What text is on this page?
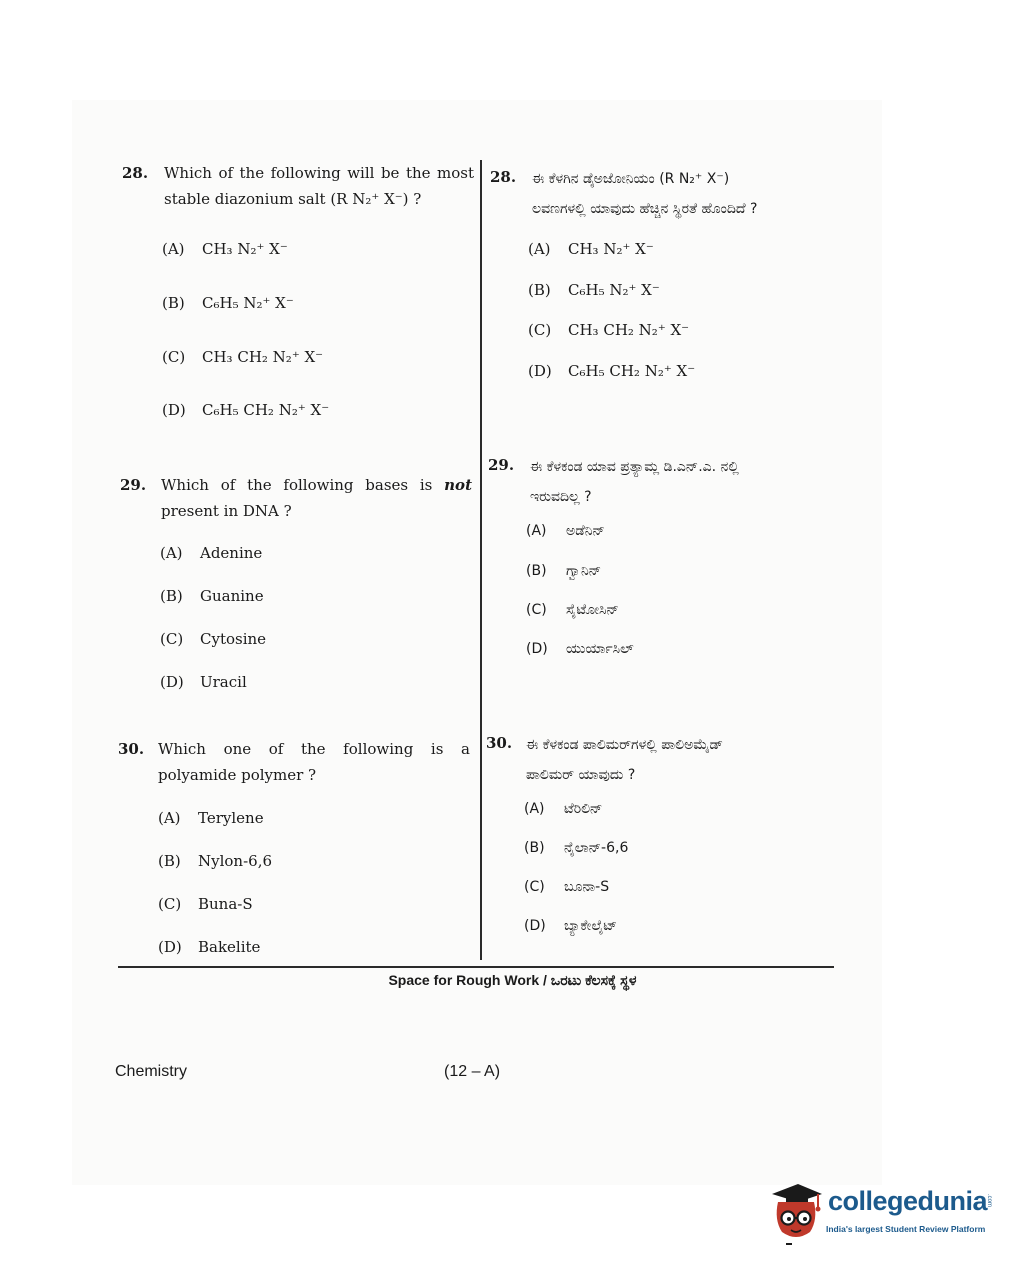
28. Which of the following will be the most stable diazonium salt (R N₂⁺ X⁻) ?
(A) CH₃ N₂⁺ X⁻
(B) C₆H₅ N₂⁺ X⁻
(C) CH₃ CH₂ N₂⁺ X⁻
(D) C₆H₅ CH₂ N₂⁺ X⁻
29. Which of the following bases is not present in DNA ?
(A) Adenine
(B) Guanine
(C) Cytosine
(D) Uracil
30. Which one of the following is a polyamide polymer ?
(A) Terylene
(B) Nylon-6,6
(C) Buna-S
(D) Bakelite
28. ಈ ಕೆಳಗಿನ ಡೈಅಜೋನಿಯಂ (R N₂⁺ X⁻)
ಲವಣಗಳಲ್ಲಿ ಯಾವುದು ಹೆಚ್ಚಿನ ಸ್ಥಿರತೆ ಹೊಂದಿದೆ ?
(A) CH₃ N₂⁺ X⁻
(B) C₆H₅ N₂⁺ X⁻
(C) CH₃ CH₂ N₂⁺ X⁻
(D) C₆H₅ CH₂ N₂⁺ X⁻
29. ಈ ಕೆಳಕಂಡ ಯಾವ ಪ್ರತ್ಯಾಮ್ಲ ಡಿ.ಎನ್.ಎ. ನಲ್ಲಿ
ಇರುವದಿಲ್ಲ ?
(A) ಅಡೆನಿನ್
(B) ಗ್ವಾನಿನ್
(C) ಸೈಟೋಸಿನ್
(D) ಯುರ್ಯಾಸಿಲ್
30. ಈ ಕೆಳಕಂಡ ಪಾಲಿಮರ್‌ಗಳಲ್ಲಿ ಪಾಲಿಅಮೈಡ್
ಪಾಲಿಮರ್ ಯಾವುದು ?
(A) ಟೆರಿಲಿನ್
(B) ನೈಲಾನ್-6,6
(C) ಬೂನಾ-S
(D) ಬ್ಯಾಕೇಲೈಟ್
Space for Rough Work / ಒರಟು ಕೆಲಸಕ್ಕೆ ಸ್ಥಳ
Chemistry	(12 – A)
collegedunia
.com
India's largest Student Review Platform
